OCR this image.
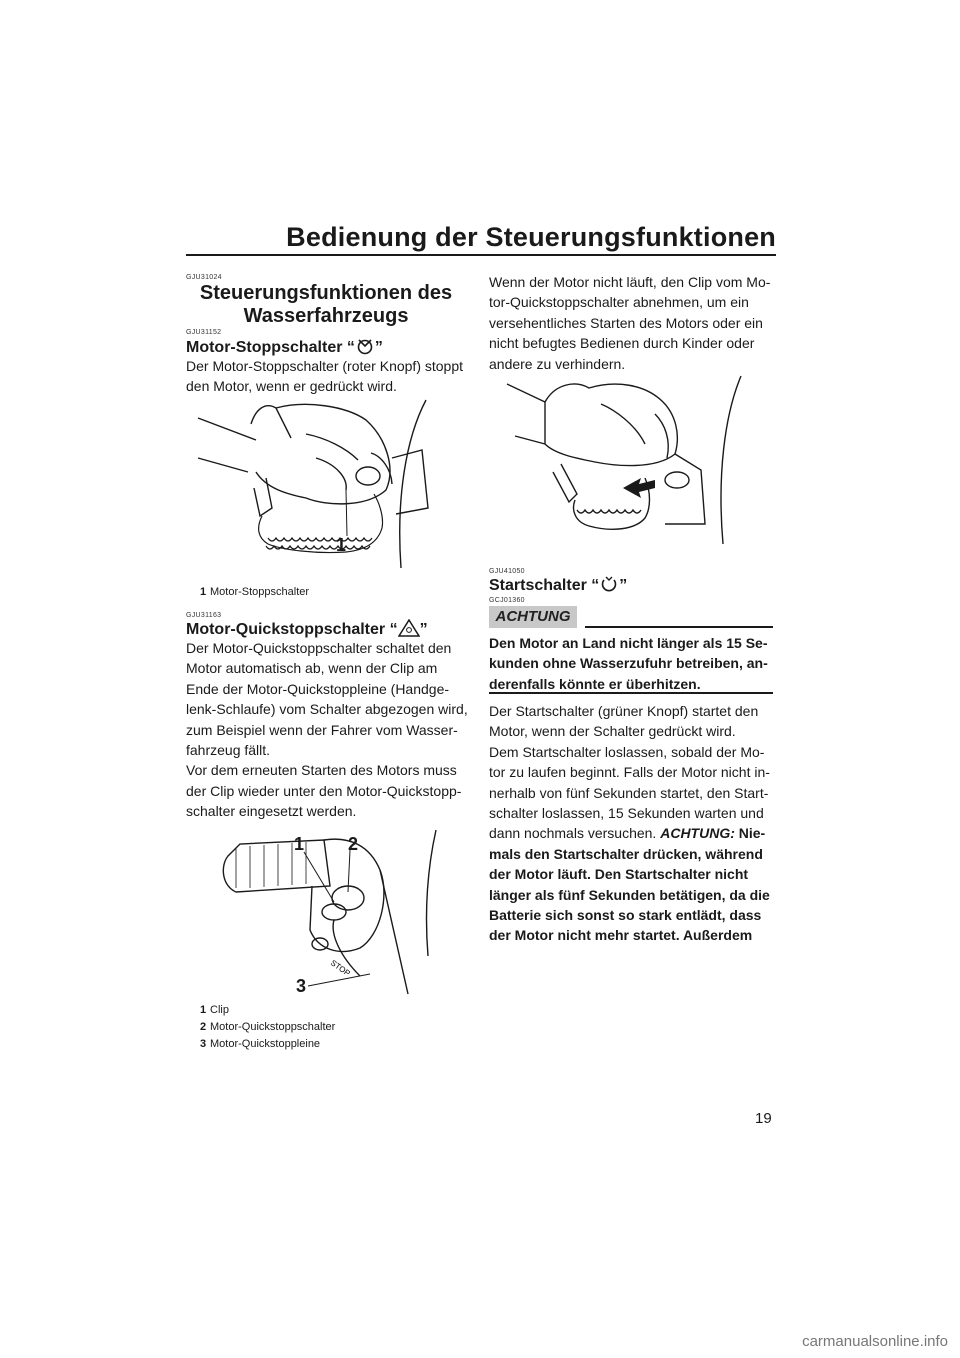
Bedienung der Steuerungsfunktionen
GJU31024
Steuerungsfunktionen des
Wasserfahrzeugs
GJU31152
Motor-Stoppschalter “ ”
Der Motor-Stoppschalter (roter Knopf) stoppt
den Motor, wenn er gedrückt wird.
1
1 Motor-Stoppschalter
GJU31163
Motor-Quickstoppschalter “ ”
Der Motor-Quickstoppschalter schaltet den
Motor automatisch ab, wenn der Clip am
Ende der Motor-Quickstoppleine (Handge-
lenk-Schlaufe) vom Schalter abgezogen wird,
zum Beispiel wenn der Fahrer vom Wasser-
fahrzeug fällt.
Vor dem erneuten Starten des Motors muss
der Clip wieder unter den Motor-Quickstopp-
schalter eingesetzt werden.
STOP
1 2
3
1 Clip
2 Motor-Quickstoppschalter
3 Motor-Quickstoppleine
Wenn der Motor nicht läuft, den Clip vom Mo-
tor-Quickstoppschalter abnehmen, um ein
versehentliches Starten des Motors oder ein
nicht befugtes Bedienen durch Kinder oder
andere zu verhindern.
GJU41050
Startschalter “ ”
GCJ01360
ACHTUNG
Den Motor an Land nicht länger als 15 Se-
kunden ohne Wasserzufuhr betreiben, an-
derenfalls könnte er überhitzen.
Der Startschalter (grüner Knopf) startet den
Motor, wenn der Schalter gedrückt wird.
Dem Startschalter loslassen, sobald der Mo-
tor zu laufen beginnt. Falls der Motor nicht in-
nerhalb von fünf Sekunden startet, den Start-
schalter loslassen, 15 Sekunden warten und
dann nochmals versuchen. ACHTUNG: Nie-
mals den Startschalter drücken, während
der Motor läuft. Den Startschalter nicht
länger als fünf Sekunden betätigen, da die
Batterie sich sonst so stark entlädt, dass
der Motor nicht mehr startet. Außerdem
19
carmanualsonline.info
